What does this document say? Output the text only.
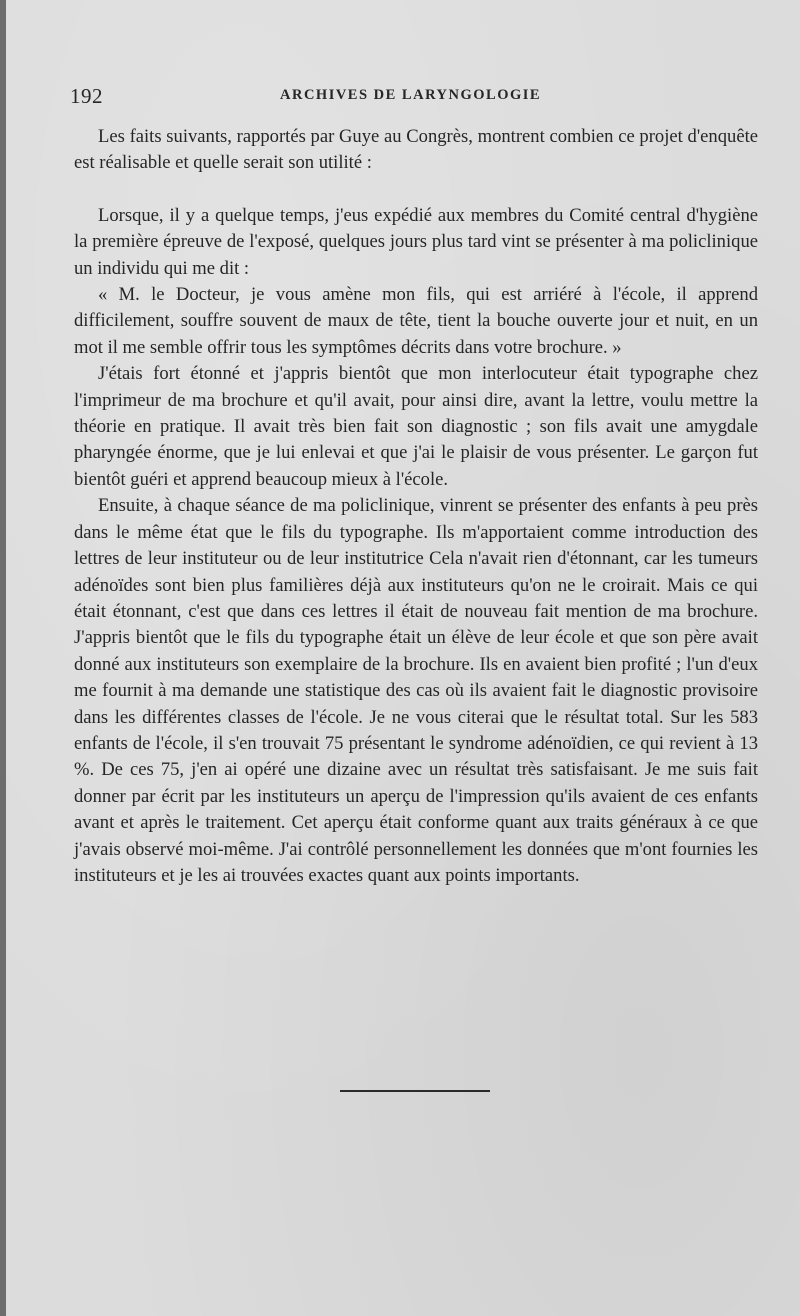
192	ARCHIVES DE LARYNGOLOGIE

Les faits suivants, rapportés par Guye au Congrès, montrent combien ce projet d'enquête est réalisable et quelle serait son utilité :

Lorsque, il y a quelque temps, j'eus expédié aux membres du Comité central d'hygiène la première épreuve de l'exposé, quelques jours plus tard vint se présenter à ma policlinique un individu qui me dit :

« M. le Docteur, je vous amène mon fils, qui est arriéré à l'école, il apprend difficilement, souffre souvent de maux de tête, tient la bouche ouverte jour et nuit, en un mot il me semble offrir tous les symptômes décrits dans votre brochure. »

J'étais fort étonné et j'appris bientôt que mon interlocuteur était typographe chez l'imprimeur de ma brochure et qu'il avait, pour ainsi dire, avant la lettre, voulu mettre la théorie en pratique. Il avait très bien fait son diagnostic ; son fils avait une amygdale pharyngée énorme, que je lui enlevai et que j'ai le plaisir de vous présenter. Le garçon fut bientôt guéri et apprend beaucoup mieux à l'école.

Ensuite, à chaque séance de ma policlinique, vinrent se présenter des enfants à peu près dans le même état que le fils du typographe. Ils m'apportaient comme introduction des lettres de leur instituteur ou de leur institutrice Cela n'avait rien d'étonnant, car les tumeurs adénoïdes sont bien plus familières déjà aux instituteurs qu'on ne le croirait. Mais ce qui était étonnant, c'est que dans ces lettres il était de nouveau fait mention de ma brochure. J'appris bientôt que le fils du typographe était un élève de leur école et que son père avait donné aux instituteurs son exemplaire de la brochure. Ils en avaient bien profité ; l'un d'eux me fournit à ma demande une statistique des cas où ils avaient fait le diagnostic provisoire dans les différentes classes de l'école. Je ne vous citerai que le résultat total. Sur les 583 enfants de l'école, il s'en trouvait 75 présentant le syndrome adénoïdien, ce qui revient à 13 %. De ces 75, j'en ai opéré une dizaine avec un résultat très satisfaisant. Je me suis fait donner par écrit par les instituteurs un aperçu de l'impression qu'ils avaient de ces enfants avant et après le traitement. Cet aperçu était conforme quant aux traits généraux à ce que j'avais observé moi-même. J'ai contrôlé personnellement les données que m'ont fournies les instituteurs et je les ai trouvées exactes quant aux points importants.
